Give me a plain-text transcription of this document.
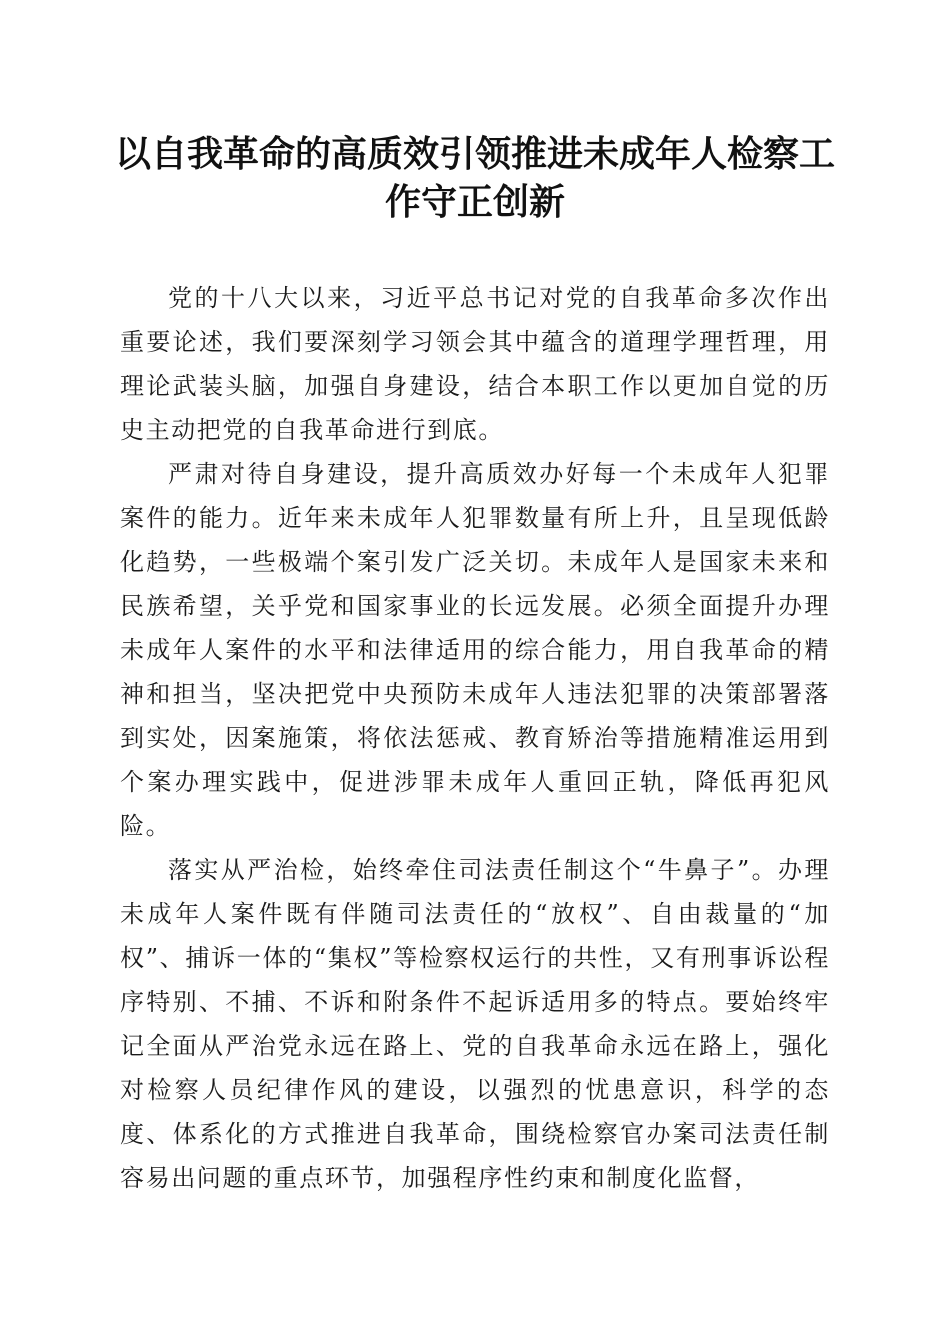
以自我革命的高质效引领推进未成年人检察工作守正创新

党的十八大以来，习近平总书记对党的自我革命多次作出重要论述，我们要深刻学习领会其中蕴含的道理学理哲理，用理论武装头脑，加强自身建设，结合本职工作以更加自觉的历史主动把党的自我革命进行到底。

严肃对待自身建设，提升高质效办好每一个未成年人犯罪案件的能力。近年来未成年人犯罪数量有所上升，且呈现低龄化趋势，一些极端个案引发广泛关切。未成年人是国家未来和民族希望，关乎党和国家事业的长远发展。必须全面提升办理未成年人案件的水平和法律适用的综合能力，用自我革命的精神和担当，坚决把党中央预防未成年人违法犯罪的决策部署落到实处，因案施策，将依法惩戒、教育矫治等措施精准运用到个案办理实践中，促进涉罪未成年人重回正轨，降低再犯风险。

落实从严治检，始终牵住司法责任制这个“牛鼻子”。办理未成年人案件既有伴随司法责任的“放权”、自由裁量的“加权”、捕诉一体的“集权”等检察权运行的共性，又有刑事诉讼程序特别、不捕、不诉和附条件不起诉适用多的特点。要始终牢记全面从严治党永远在路上、党的自我革命永远在路上，强化对检察人员纪律作风的建设，以强烈的忧患意识，科学的态度、体系化的方式推进自我革命，围绕检察官办案司法责任制容易出问题的重点环节，加强程序性约束和制度化监督，
